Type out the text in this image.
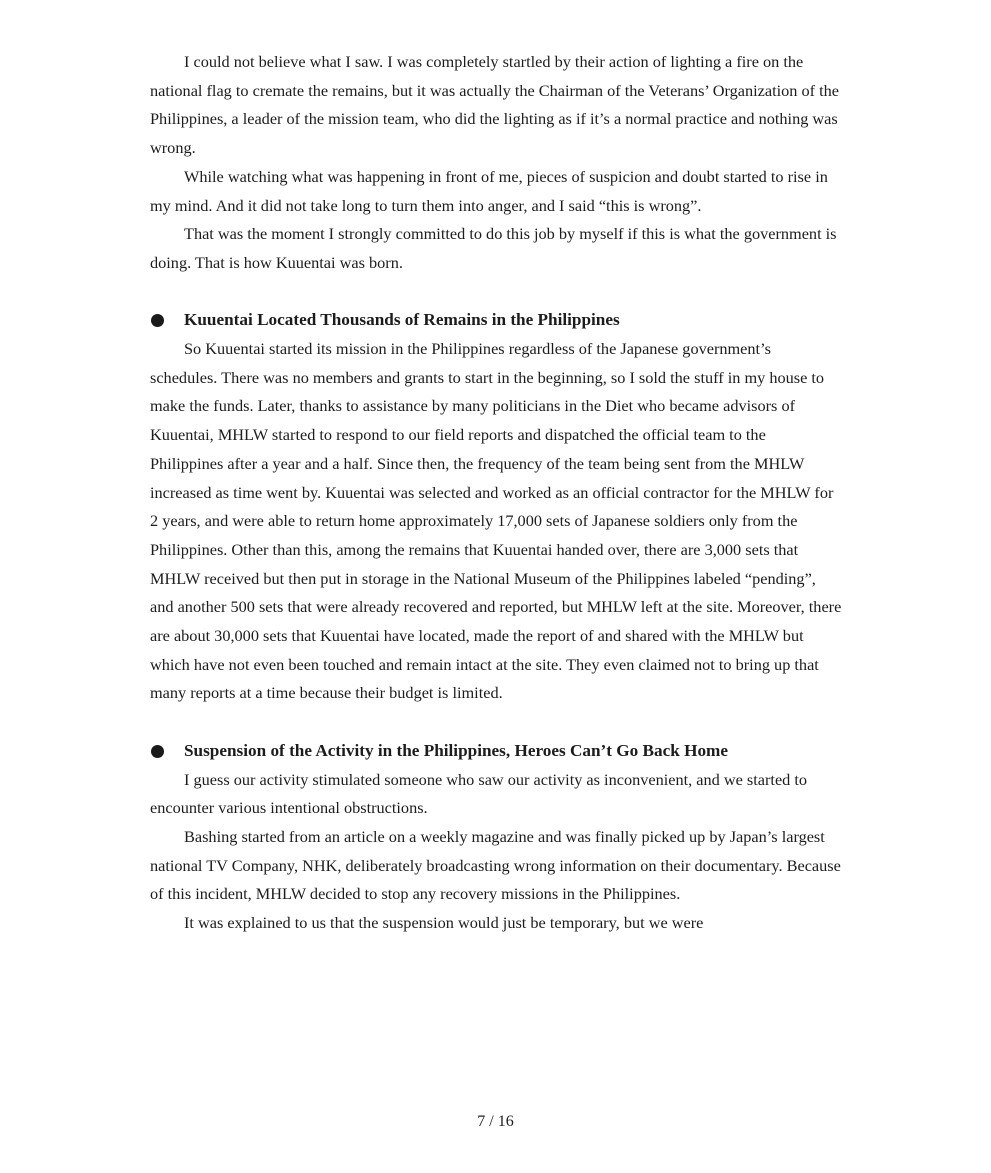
I could not believe what I saw. I was completely startled by their action of lighting a fire on the national flag to cremate the remains, but it was actually the Chairman of the Veterans’ Organization of the Philippines, a leader of the mission team, who did the lighting as if it’s a normal practice and nothing was wrong.

While watching what was happening in front of me, pieces of suspicion and doubt started to rise in my mind. And it did not take long to turn them into anger, and I said “this is wrong”.

That was the moment I strongly committed to do this job by myself if this is what the government is doing. That is how Kuuentai was born.

Kuuentai Located Thousands of Remains in the Philippines

So Kuuentai started its mission in the Philippines regardless of the Japanese government’s schedules. There was no members and grants to start in the beginning, so I sold the stuff in my house to make the funds. Later, thanks to assistance by many politicians in the Diet who became advisors of Kuuentai, MHLW started to respond to our field reports and dispatched the official team to the Philippines after a year and a half. Since then, the frequency of the team being sent from the MHLW increased as time went by. Kuuentai was selected and worked as an official contractor for the MHLW for 2 years, and were able to return home approximately 17,000 sets of Japanese soldiers only from the Philippines. Other than this, among the remains that Kuuentai handed over, there are 3,000 sets that MHLW received but then put in storage in the National Museum of the Philippines labeled “pending”, and another 500 sets that were already recovered and reported, but MHLW left at the site. Moreover, there are about 30,000 sets that Kuuentai have located, made the report of and shared with the MHLW but which have not even been touched and remain intact at the site. They even claimed not to bring up that many reports at a time because their budget is limited.

Suspension of the Activity in the Philippines, Heroes Can’t Go Back Home

I guess our activity stimulated someone who saw our activity as inconvenient, and we started to encounter various intentional obstructions.

Bashing started from an article on a weekly magazine and was finally picked up by Japan’s largest national TV Company, NHK, deliberately broadcasting wrong information on their documentary. Because of this incident, MHLW decided to stop any recovery missions in the Philippines.

It was explained to us that the suspension would just be temporary, but we were

7 / 16
